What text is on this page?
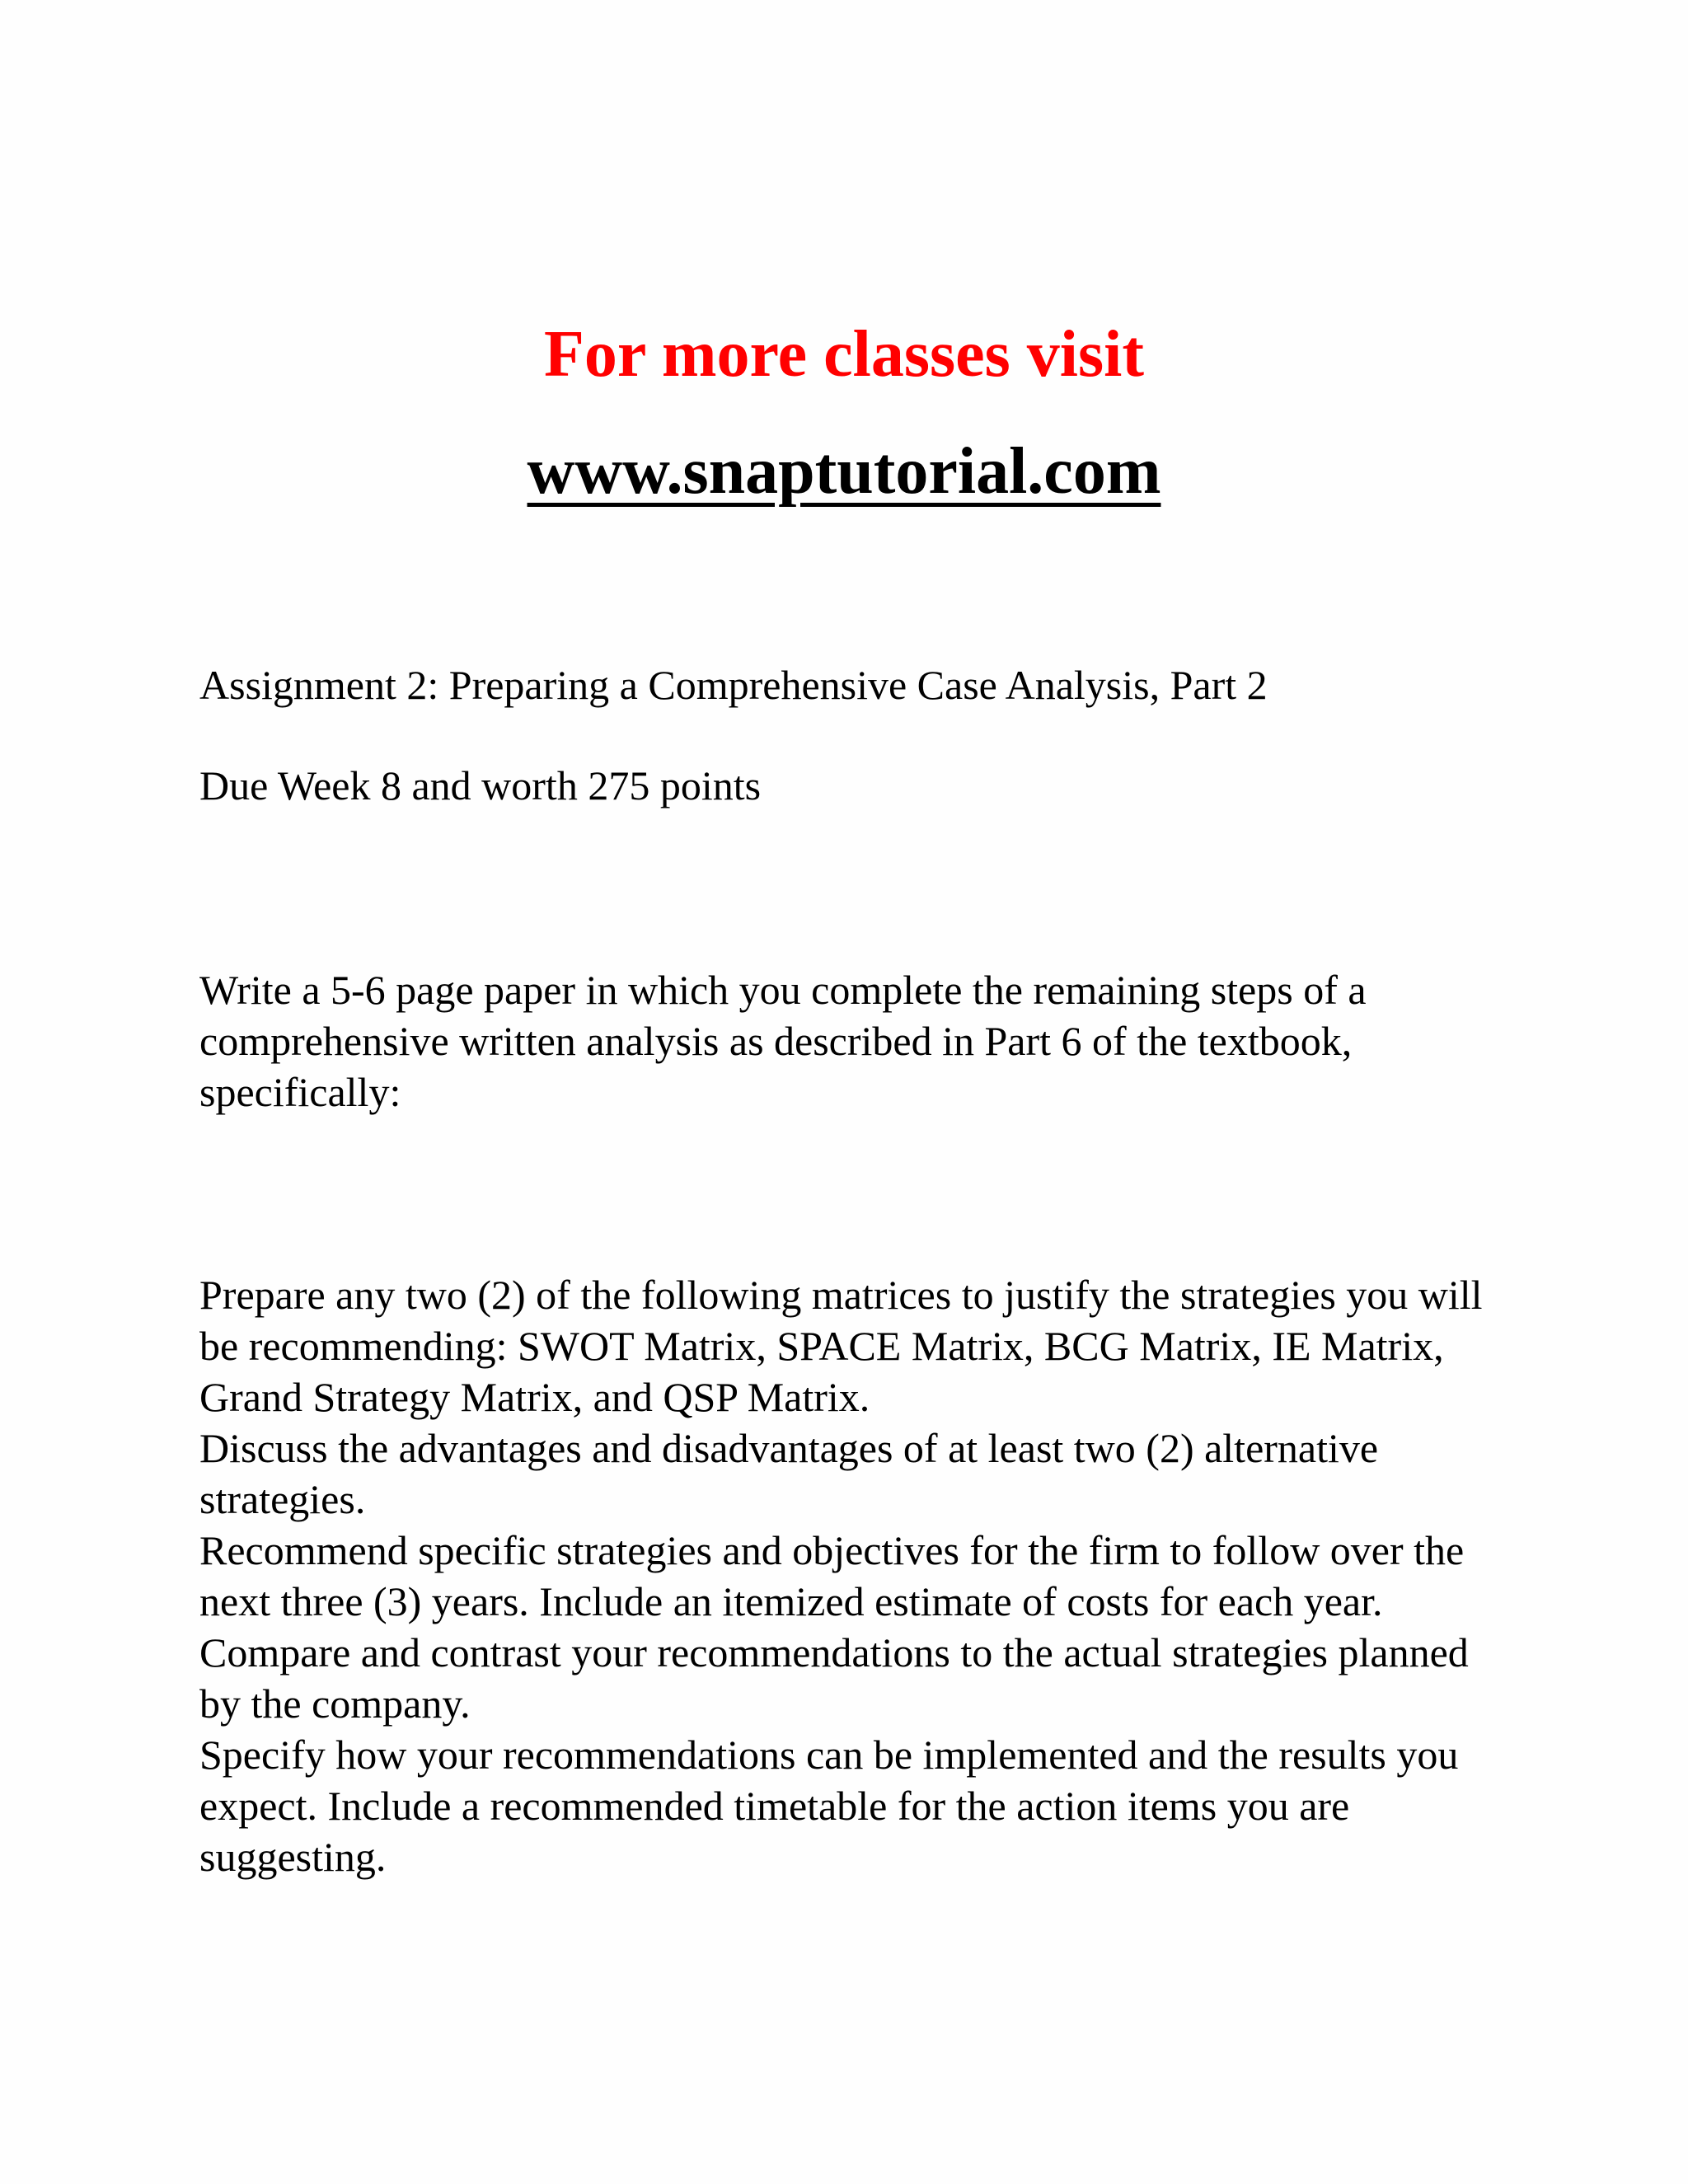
For more classes visit
www.snaptutorial.com
Assignment 2: Preparing a Comprehensive Case Analysis, Part 2
Due Week 8 and worth 275 points

Write a 5-6 page paper in which you complete the remaining steps of a comprehensive written analysis as described in Part 6 of the textbook, specifically:

Prepare any two (2) of the following matrices to justify the strategies you will be recommending: SWOT Matrix, SPACE Matrix, BCG Matrix, IE Matrix, Grand Strategy Matrix, and QSP Matrix.

Discuss the advantages and disadvantages of at least two (2) alternative strategies.

Recommend specific strategies and objectives for the firm to follow over the next three (3) years. Include an itemized estimate of costs for each year.

Compare and contrast your recommendations to the actual strategies planned by the company.

Specify how your recommendations can be implemented and the results you expect. Include a recommended timetable for the action items you are suggesting.
